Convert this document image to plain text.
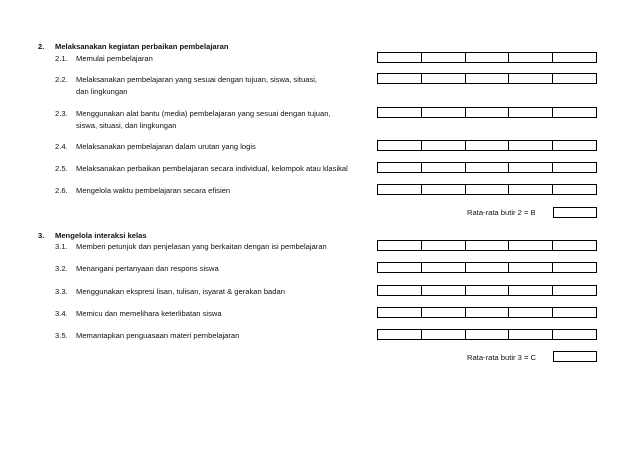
2. Melaksanakan kegiatan perbaikan pembelajaran
2.1. Memulai pembelajaran
2.2. Melaksanakan pembelajaran yang sesuai dengan tujuan, siswa, situasi,
dan lingkungan
2.3. Menggunakan alat bantu (media) pembelajaran yang sesuai dengan tujuan,
siswa, situasi, dan lingkungan
2.4. Melaksanakan pembelajaran dalam urutan yang logis
2.5. Melaksanakan perbaikan pembelajaran secara individual, kelompok atau klasikal
2.6. Mengelola waktu pembelajaran secara efisien
Rata-rata butir 2 = B
3. Mengelola interaksi kelas
3.1. Memberi petunjuk dan penjelasan yang berkaitan dengan isi pembelajaran
3.2. Menangani pertanyaan dan respons siswa
3.3. Menggunakan ekspresi lisan, tulisan, isyarat & gerakan badan
3.4. Memicu dan memelihara keterlibatan siswa
3.5. Memantapkan penguasaan materi pembelajaran
Rata-rata butir 3 = C
